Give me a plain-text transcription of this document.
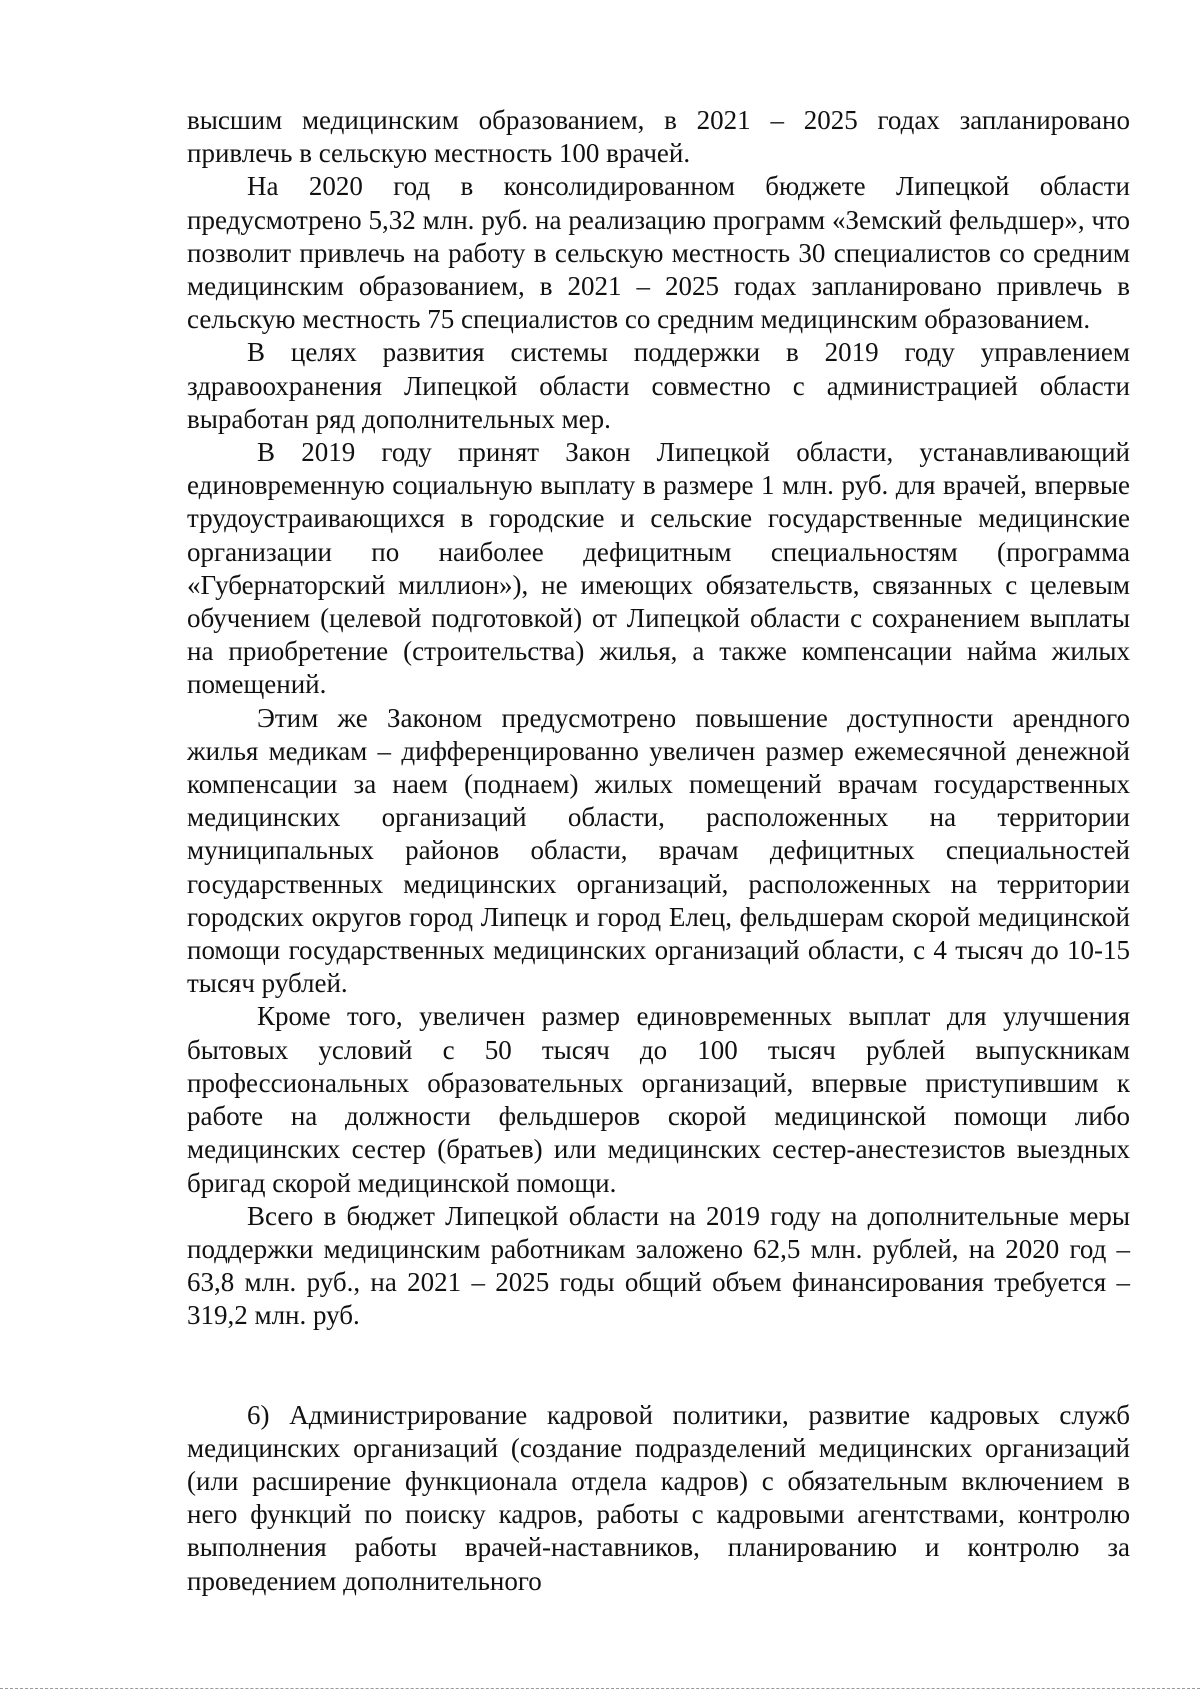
высшим медицинским образованием, в 2021 – 2025 годах запланировано привлечь в сельскую местность 100 врачей.

На 2020 год в консолидированном бюджете Липецкой области предусмотрено 5,32 млн. руб. на реализацию программ «Земский фельдшер», что позволит привлечь на работу в сельскую местность 30 специалистов со средним медицинским образованием, в 2021 – 2025 годах запланировано привлечь в сельскую местность 75 специалистов со средним медицинским образованием.

В целях развития системы поддержки в 2019 году управлением здравоохранения Липецкой области совместно с администрацией области выработан ряд дополнительных мер.

В 2019 году принят Закон Липецкой области, устанавливающий единовременную социальную выплату в размере 1 млн. руб. для врачей, впервые трудоустраивающихся в городские и сельские государственные медицинские организации по наиболее дефицитным специальностям (программа «Губернаторский миллион»), не имеющих обязательств, связанных с целевым обучением (целевой подготовкой) от Липецкой области с сохранением выплаты на приобретение (строительства) жилья, а также компенсации найма жилых помещений.

Этим же Законом предусмотрено повышение доступности арендного жилья медикам – дифференцированно увеличен размер ежемесячной денежной компенсации за наем (поднаем) жилых помещений врачам государственных медицинских организаций области, расположенных на территории муниципальных районов области, врачам дефицитных специальностей государственных медицинских организаций, расположенных на территории городских округов город Липецк и город Елец, фельдшерам скорой медицинской помощи государственных медицинских организаций области, с 4 тысяч до 10-15 тысяч рублей.

Кроме того, увеличен размер единовременных выплат для улучшения бытовых условий с 50 тысяч до 100 тысяч рублей выпускникам профессиональных образовательных организаций, впервые приступившим к работе на должности фельдшеров скорой медицинской помощи либо медицинских сестер (братьев) или медицинских сестер-анестезистов выездных бригад скорой медицинской помощи.

Всего в бюджет Липецкой области на 2019 году на дополнительные меры поддержки медицинским работникам заложено 62,5 млн. рублей, на 2020 год – 63,8 млн. руб., на 2021 – 2025 годы общий объем финансирования требуется – 319,2 млн. руб.

6) Администрирование кадровой политики, развитие кадровых служб медицинских организаций (создание подразделений медицинских организаций (или расширение функционала отдела кадров) с обязательным включением в него функций по поиску кадров, работы с кадровыми агентствами, контролю выполнения работы врачей-наставников, планированию и контролю за проведением дополнительного
